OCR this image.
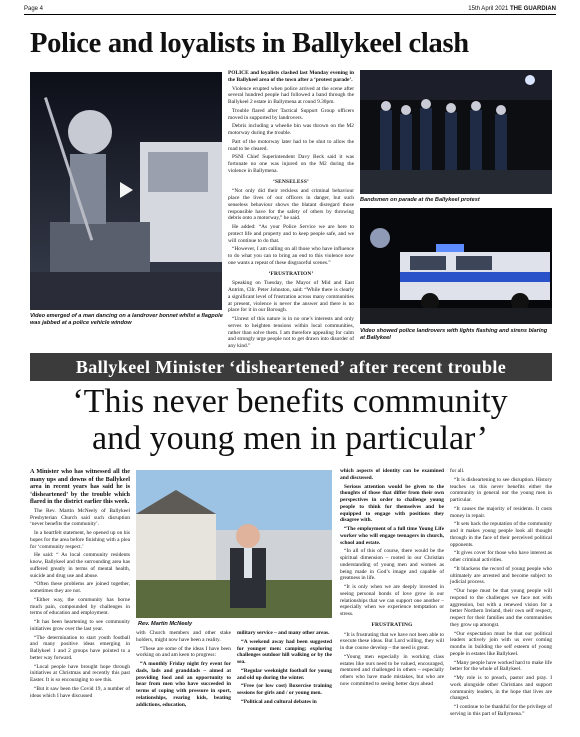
Page 4	15th April 2021 THE GUARDIAN
Police and loyalists in Ballykeel clash
Video emerged of a man dancing on a landrover bonnet whilst a flagpole was jabbed at a police vehicle window

POLICE and loyalists clashed last Monday evening in the Ballykeel area of the town after a ‘protest parade’.

Violence erupted when police arrived at the scene after several hundred people had followed a band through the Ballykeel 2 estate in Ballymena at round 9.30pm.

Trouble flared after Tactical Support Group officers moved in supported by landrovers.

Debris including a wheelie bin was thrown on the M2 motorway during the trouble.

Part of the motorway later had to be shut to allow the road to be cleared.

PSNI Chief Superintendent Davy Beck said it was fortunate no one was injured on the M2 during the violence in Ballymena.

‘SENSELESS’

“Not only did their reckless and criminal behaviour place the lives of our officers in danger, but such senseless behaviour shows the blatant disregard those responsible have for the safety of others by throwing debris onto a motorway,” he said.

He added: “As your Police Service we are here to protect life and property and to keep people safe, and we will continue to do that.

“However, I am calling on all those who have influence to do what you can to bring an end to this violence now one wants a repeat of these disgraceful scenes.”

‘FRUSTRATION’

Speaking on Tuesday, the Mayor of Mid and East Antrim, Cllr. Peter Johnston, said: “While there is clearly a significant level of frustration across many communities at present, violence is never the answer and there is no place for it in our Borough.

“Unrest of this nature is in no one’s interests and only serves to heighten tensions within local communities, rather than solve them. I am therefore appealing for calm and strongly urge people not to get drawn into disorder of any kind.”

Bandsmen on parade at the Ballykeel protest
Video showed police landrovers with lights flashing and sirens blaring at Ballykeel
Ballykeel Minister ‘disheartened’ after recent trouble
‘This never benefits community
and young men in particular’

A Minister who has witnessed all the many ups and downs of the Ballykeel area in recent years has said he is ‘disheartened’ by the trouble which flared in the district earlier this week.

The Rev. Martin McNeely of Ballykeel Presbyterian Church said such disruption ‘never benefits the community’.

In a heartfelt statement, he opened up on his hopes for the area before finishing with a plea for ‘community respect.’

He said: “ As local community residents know, Ballykeel and the surrounding area has suffered greatly in terms of mental health, suicide and drug use and abuse.

“Often these problems are joined together, sometimes they are not.

“Either way, the community has borne much pain, compounded by challenges in terms of education and employment.

“It has been heartening to see community initiatives grow over the last year.

“The determination to start youth football and many positive ideas emerging in Ballykeel 1 and 2 groups have pointed to a better way forward.

“Local people have brought hope through initiatives at Christmas and recently this past Easter. It is so encouraging to see this.

“But it saw been the Covid 19, a number of ideas which I have discussed

Rev. Martin McNeely

with Church members and other stake holders, might now have been a reality.

“These are some of the ideas I have been working on and am keen to progress:

“A monthly Friday night fry event for dads, lads and granddads – aimed at providing food and an opportunity to hear from men who have succeeded in terms of coping with pressure in sport, relationships, rearing kids, beating addictions, education,

military service – and many other areas.

“A weekend away had been suggested for younger men: camping; exploring challenges outdoor hill walking or by the sea.

“Regular weeknight football for young and old up during the winter.

“Free (or low cost) Boxercise training sessions for girls and / or young men.

“Political and cultural debates in

which aspects of identity can be examined and discussed.

Serious attention would be given to the thoughts of those that differ from their own perspectives in order to challenge young people to think for themselves and be equipped to engage with positions they disagree with.

“The employment of a full time Young Life worker who will engage teenagers in church, school and estate.

“In all of this of course, there would be the spiritual dimension – rooted in our Christian understanding of young men and women as being made in God’s image and capable of greatness in life.

“It is only when we are deeply invested in seeing personal bonds of love grow in our relationships that we can support one another – especially when we experience temptation or stress.

FRUSTRATING

“It is frustrating that we have not been able to execute these ideas. But Lord willing, they will in due course develop – the need is great.

“Young men especially in working class estates like ours need to be valued, encouraged, mentored and challenged in others – especially others who have made mistakes, but who are now committed to seeing better days ahead

for all.

“It is disheartening to see disruption. History teaches us this never benefits either the community in general nor the young men in particular.

“It causes the majority of residents. It costs money in repair.

“It sets back the reputation of the community and it makes young people look all thought through in the face of their perceived political opponents.

“It gives cover for those who have interest as other criminal activities.

“It blackens the record of young people who ultimately are arrested and become subject to judicial process.

“Our hope must be that young people will respond to the challenges we face not with aggression, but with a renewed vision for a better Northern Ireland, their own self respect, respect for their families and the communities they grow up amongst.

“Our expectation must be that our political leaders actively join with us over coming months in building the self esteem of young people in estates like Ballykeel.

“Many people have worked hard to make life better for the whole of Ballykeel.

“My role is to preach, pastor and pray. I work alongside other Christians and support community leaders, in the hope that lives are changed.

“I continue to be thankful for the privilege of serving in this part of Ballymena.”
